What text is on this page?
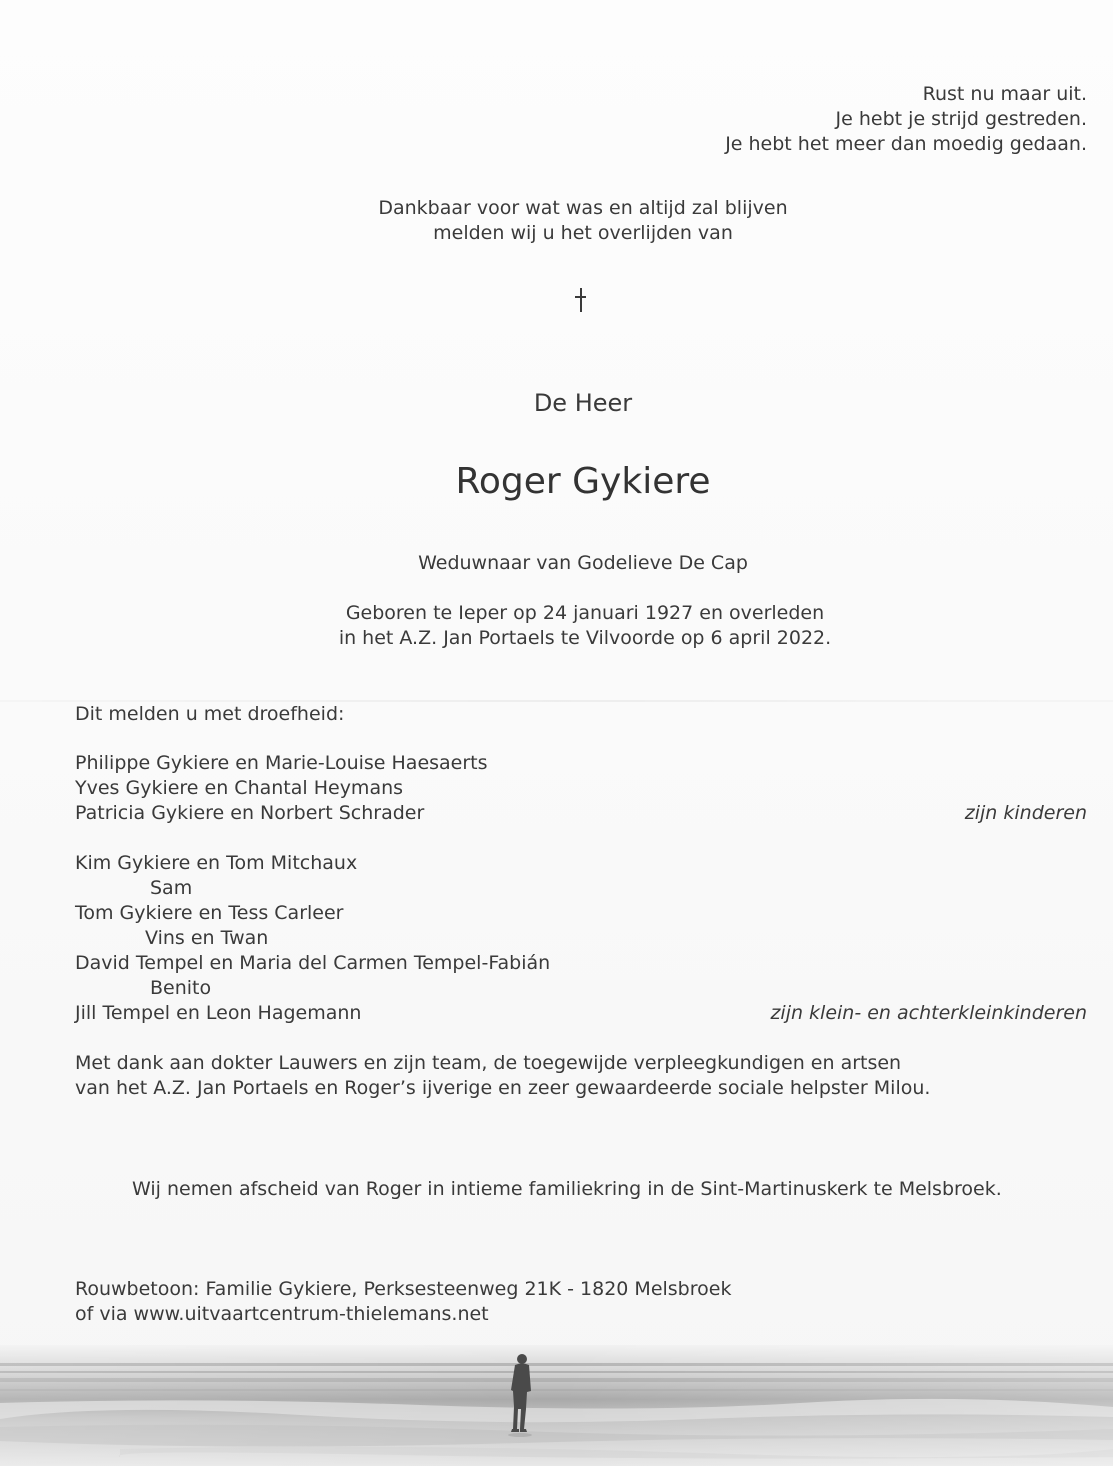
Rust nu maar uit.
Je hebt je strijd gestreden.
Je hebt het meer dan moedig gedaan.
Dankbaar voor wat was en altijd zal blijven
melden wij u het overlijden van
De Heer
Roger Gykiere
Weduwnaar van Godelieve De Cap
Geboren te Ieper op 24 januari 1927 en overleden
in het A.Z. Jan Portaels te Vilvoorde op 6 april 2022.
Dit melden u met droefheid:
Philippe Gykiere en Marie-Louise Haesaerts
Yves Gykiere en Chantal Heymans
Patricia Gykiere en Norbert Schrader	zijn kinderen
Kim Gykiere en Tom Mitchaux
Sam
Tom Gykiere en Tess Carleer
Vins en Twan
David Tempel en Maria del Carmen Tempel-Fabián
Benito
Jill Tempel en Leon Hagemann	zijn klein- en achterkleinkinderen
Met dank aan dokter Lauwers en zijn team, de toegewijde verpleegkundigen en artsen
van het A.Z. Jan Portaels en Roger’s ijverige en zeer gewaardeerde sociale helpster Milou.
Wij nemen afscheid van Roger in intieme familiekring in de Sint-Martinuskerk te Melsbroek.
Rouwbetoon: Familie Gykiere, Perksesteenweg 21K - 1820 Melsbroek
of via www.uitvaartcentrum-thielemans.net
